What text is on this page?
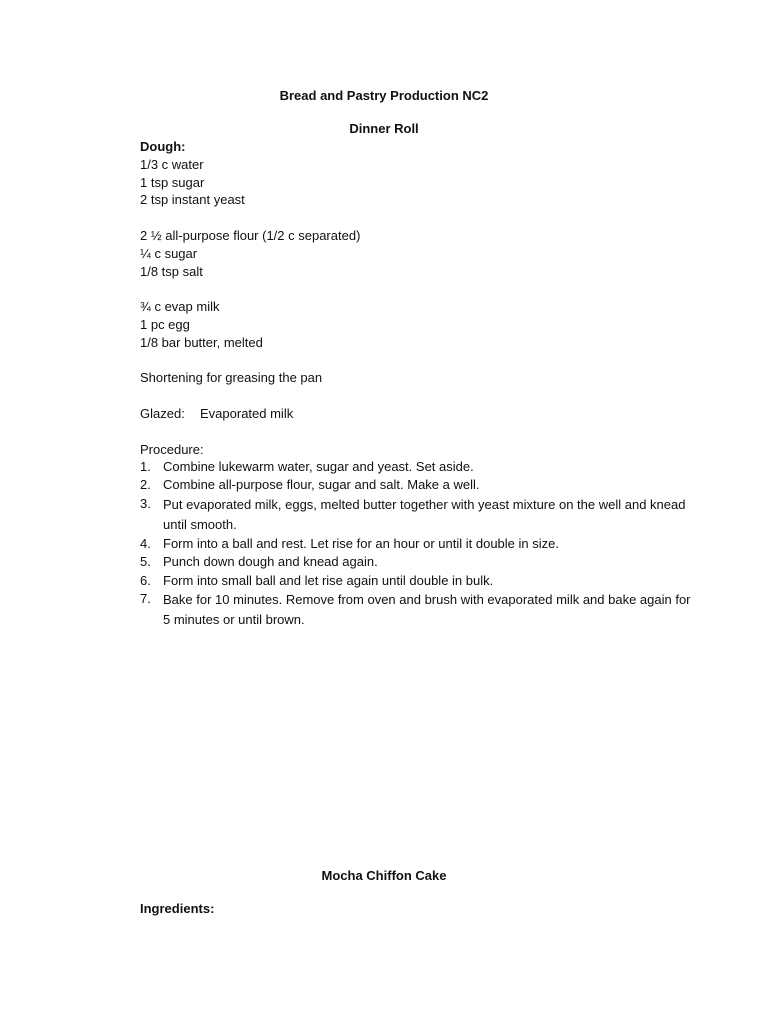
Bread and Pastry Production NC2
Dinner Roll
Dough:
1/3 c water
1 tsp sugar
2 tsp instant yeast
2 ½ all-purpose flour (1/2 c separated)
¼ c sugar
1/8 tsp salt
¾ c evap milk
1 pc egg
1/8 bar butter, melted
Shortening for greasing the pan
Glazed: Evaporated milk
Procedure:
1. Combine lukewarm water, sugar and yeast. Set aside.
2. Combine all-purpose flour, sugar and salt. Make a well.
3. Put evaporated milk, eggs, melted butter together with yeast mixture on the well and knead until smooth.
4. Form into a ball and rest. Let rise for an hour or until it double in size.
5. Punch down dough and knead again.
6. Form into small ball and let rise again until double in bulk.
7. Bake for 10 minutes. Remove from oven and brush with evaporated milk and bake again for 5 minutes or until brown.
Mocha Chiffon Cake
Ingredients:
